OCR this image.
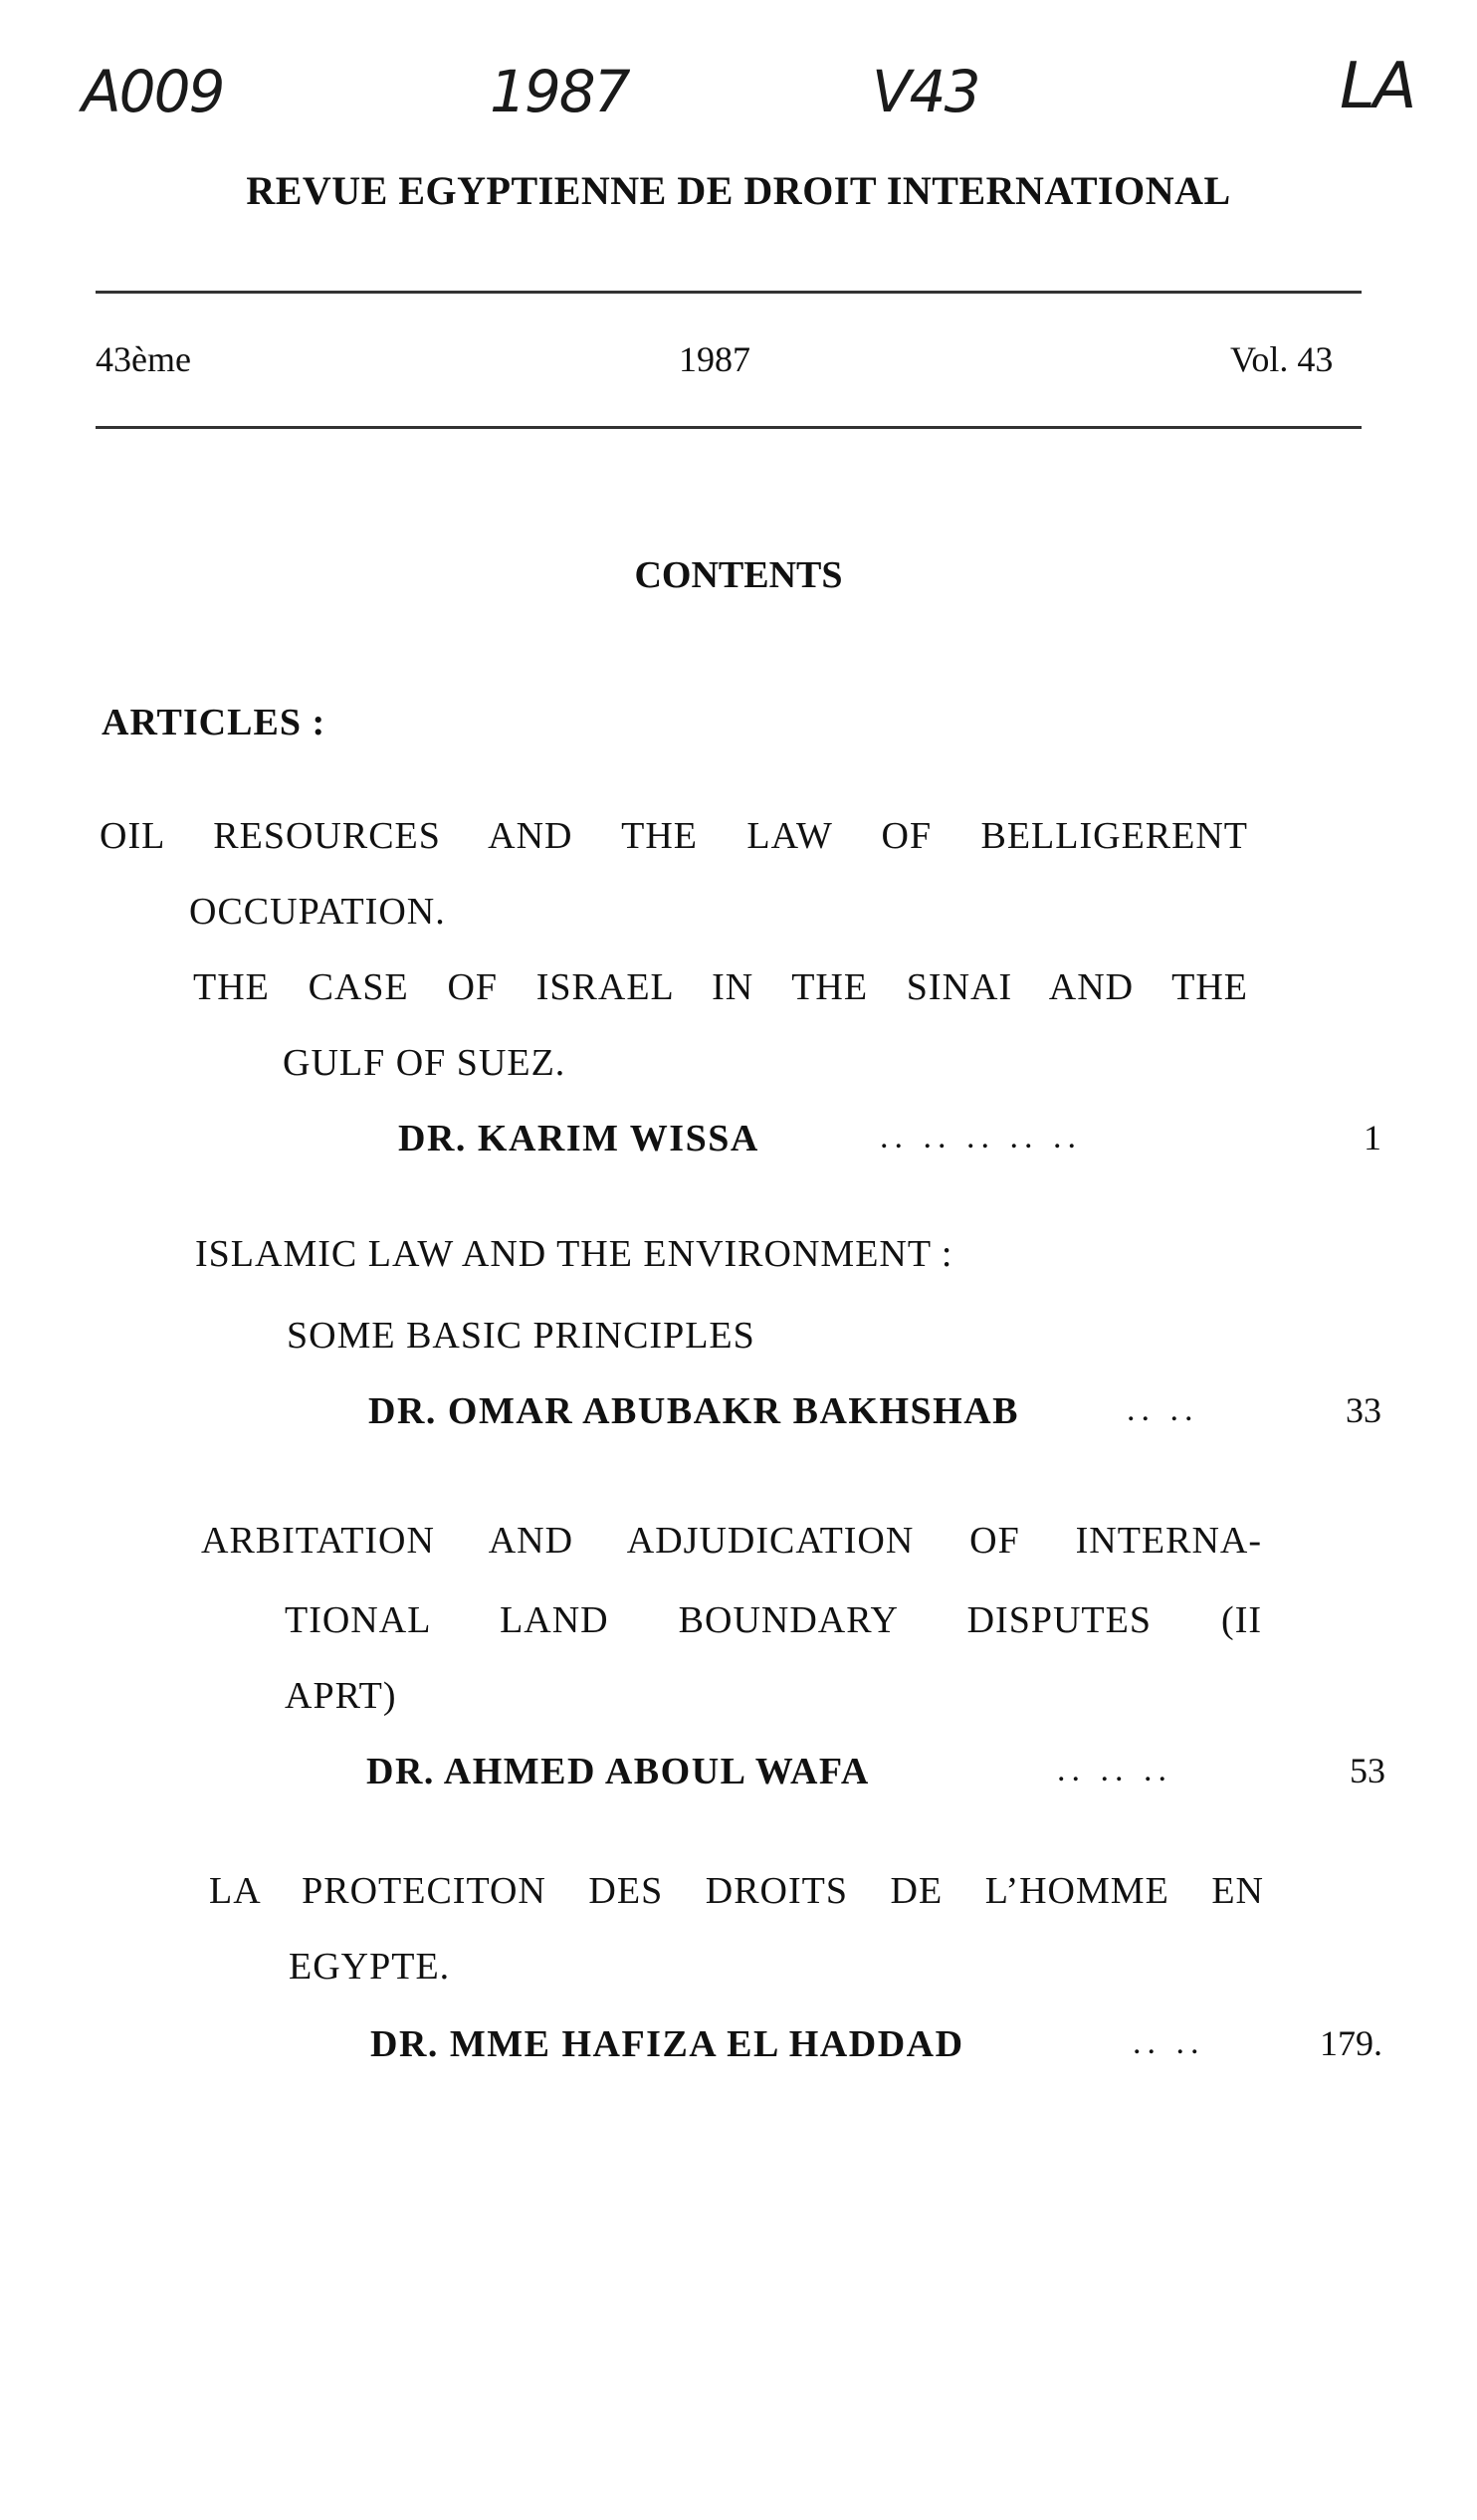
A009	1987	V43	LA
REVUE EGYPTIENNE DE DROIT INTERNATIONAL
43ème	1987	Vol. 43
CONTENTS
ARTICLES :
OIL RESOURCES AND THE LAW OF BELLIGERENT
OCCUPATION.
THE CASE OF ISRAEL IN THE SINAI AND THE
GULF OF SUEZ.
DR. KARIM WISSA	.. .. .. .. ..	1
ISLAMIC LAW AND THE ENVIRONMENT :
SOME BASIC PRINCIPLES
DR. OMAR ABUBAKR BAKHSHAB	.. ..	33
ARBITATION AND ADJUDICATION OF INTERNA-
TIONAL LAND BOUNDARY DISPUTES (II
APRT)
DR. AHMED ABOUL WAFA	.. .. ..	53
LA PROTECITON DES DROITS DE L’HOMME EN
EGYPTE.
DR. MME HAFIZA EL HADDAD	.. ..	179.
